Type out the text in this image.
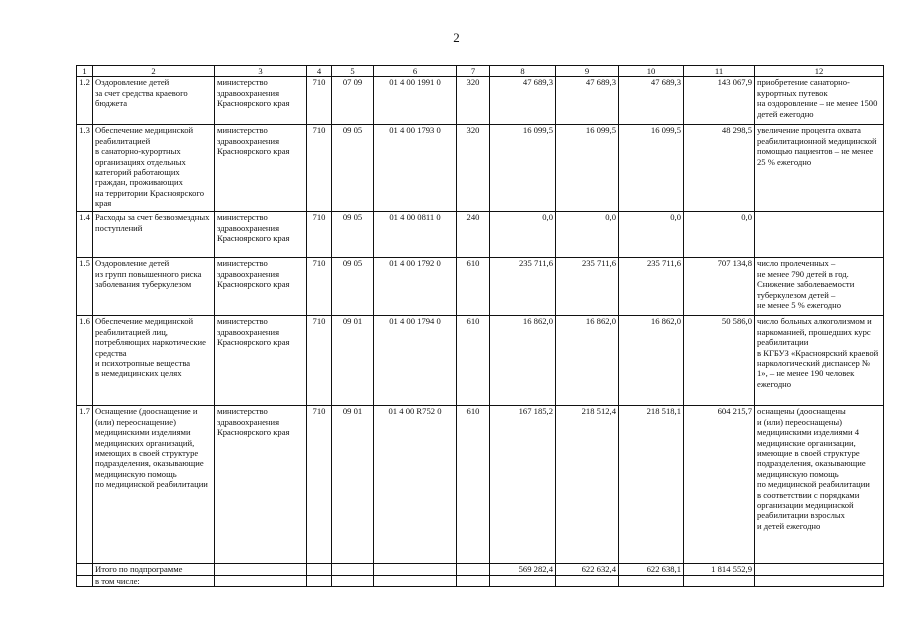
2
1	2	3	4	5	6	7	8	9	10	11	12
1.2	Оздоровление детей
за счет средства краевого бюджета	министерство здравоохранения Красноярского края	710	07 09	01 4 00 1991 0	320	47 689,3	47 689,3	47 689,3	143 067,9	приобретение санаторно-курортных путевок
на оздоровление – не менее 1500 детей ежегодно
1.3	Обеспечение медицинской реабилитацией
в санаторно-курортных организациях отдельных категорий работающих граждан, проживающих
на территории Красноярского края	министерство здравоохранения Красноярского края	710	09 05	01 4 00 1793 0	320	16 099,5	16 099,5	16 099,5	48 298,5	увеличение процента охвата реабилитационной медицинской помощью пациентов – не менее 25 % ежегодно
1.4	Расходы за счет безвозмездных поступлений	министерство здравоохранения Красноярского края	710	09 05	01 4 00 0811 0	240	0,0	0,0	0,0	0,0	
1.5	Оздоровление детей
из групп повышенного риска заболевания туберкулезом	министерство здравоохранения Красноярского края	710	09 05	01 4 00 1792 0	610	235 711,6	235 711,6	235 711,6	707 134,8	число пролеченных –
не менее 790 детей в год. Снижение заболеваемости туберкулезом детей –
не менее 5 % ежегодно
1.6	Обеспечение медицинской реабилитацией лиц, потребляющих наркотические средства
и психотропные вещества
в немедицинских целях	министерство здравоохранения Красноярского края	710	09 01	01 4 00 1794 0	610	16 862,0	16 862,0	16 862,0	50 586,0	число больных алкоголизмом и наркоманией, прошедших курс реабилитации
в КГБУЗ «Красноярский краевой наркологический диспансер № 1», – не менее 190 человек ежегодно
1.7	Оснащение (дооснащение и (или) переоснащение) медицинскими изделиями медицинских организаций, имеющих в своей структуре подразделения, оказывающие медицинскую помощь
по медицинской реабилитации	министерство здравоохранения Красноярского края	710	09 01	01 4 00 R752 0	610	167 185,2	218 512,4	218 518,1	604 215,7	оснащены (дооснащены
и (или) переоснащены) медицинскими изделиями 4 медицинские организации, имеющие в своей структуре подразделения, оказывающие медицинскую помощь
по медицинской реабилитации
в соответствии с порядками организации медицинской реабилитации взрослых
и детей ежегодно
	Итого по подпрограмме						569 282,4	622 632,4	622 638,1	1 814 552,9	
	в том числе:										
